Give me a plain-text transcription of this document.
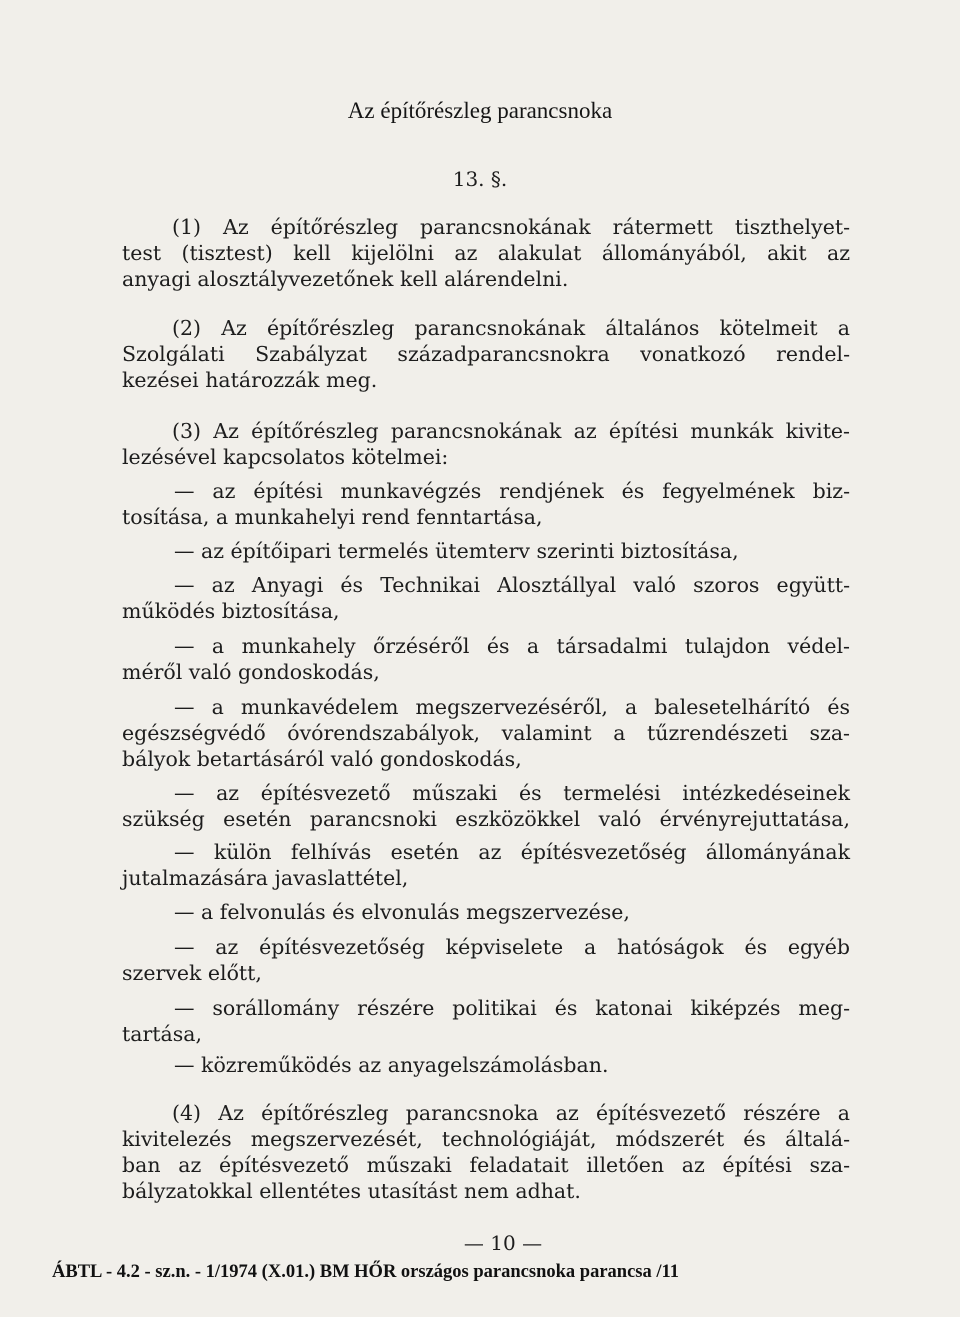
Az építőrészleg parancsnoka
13. §.
(1) Az építőrészleg parancsnokának rátermett tiszthelyet-
test (tisztest) kell kijelölni az alakulat állományából, akit az
anyagi alosztályvezetőnek kell alárendelni.
(2) Az építőrészleg parancsnokának általános kötelmeit a
Szolgálati Szabályzat századparancsnokra vonatkozó rendel-
kezései határozzák meg.
(3) Az építőrészleg parancsnokának az építési munkák kivite-
lezésével kapcsolatos kötelmei:
— az építési munkavégzés rendjének és fegyelmének biz-
tosítása, a munkahelyi rend fenntartása,
— az építőipari termelés ütemterv szerinti biztosítása,
— az Anyagi és Technikai Alosztállyal való szoros együtt-
működés biztosítása,
— a munkahely őrzéséről és a társadalmi tulajdon védel-
méről való gondoskodás,
— a munkavédelem megszervezéséről, a balesetelhárító és
egészségvédő óvórendszabályok, valamint a tűzrendészeti sza-
bályok betartásáról való gondoskodás,
— az építésvezető műszaki és termelési intézkedéseinek
szükség esetén parancsnoki eszközökkel való érvényrejuttatása,
— külön felhívás esetén az építésvezetőség állományának
jutalmazására javaslattétel,
— a felvonulás és elvonulás megszervezése,
— az építésvezetőség képviselete a hatóságok és egyéb
szervek előtt,
— sorállomány részére politikai és katonai kiképzés meg-
tartása,
— közreműködés az anyagelszámolásban.
(4) Az építőrészleg parancsnoka az építésvezető részére a
kivitelezés megszervezését, technológiáját, módszerét és általá-
ban az építésvezető műszaki feladatait illetően az építési sza-
bályzatokkal ellentétes utasítást nem adhat.
— 10 —
ÁBTL - 4.2 - sz.n. - 1/1974 (X.01.) BM HŐR országos parancsnoka parancsa /11
